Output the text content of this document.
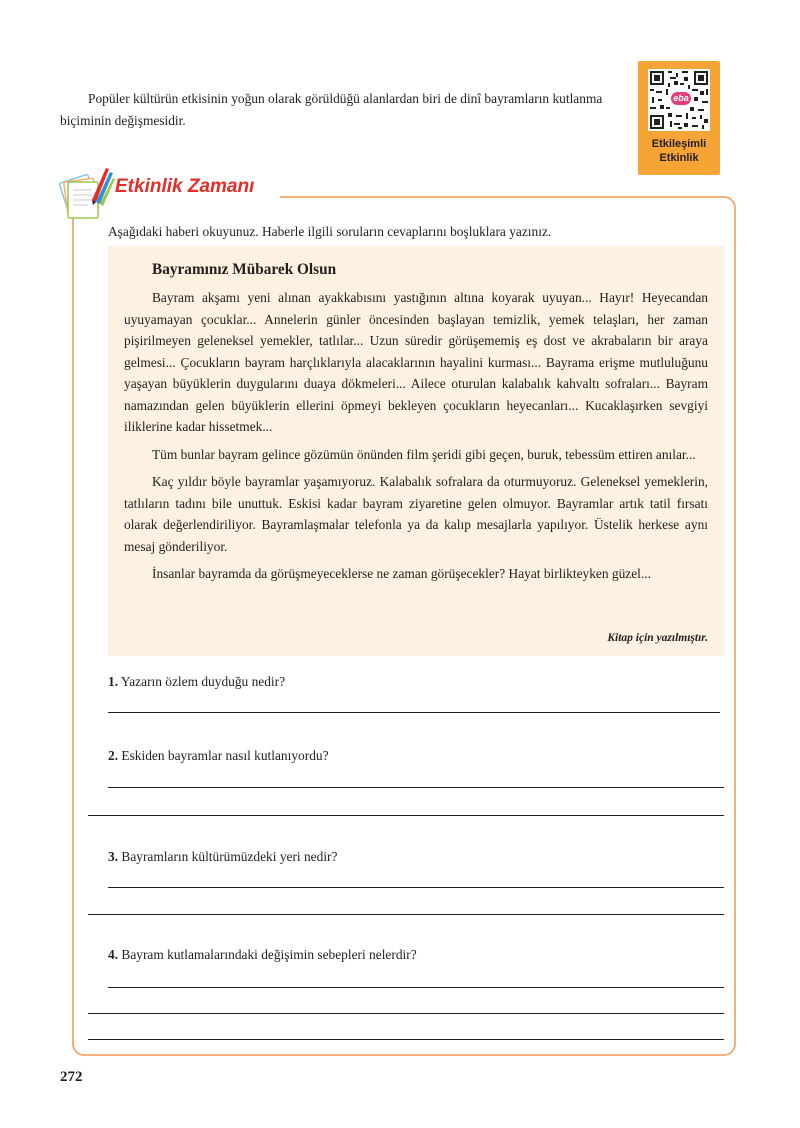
Popüler kültürün etkisinin yoğun olarak görüldüğü alanlardan biri de dinî bayramların kutlanma biçiminin değişmesidir.

eba
Etkileşimli
Etkinlik
Etkinlik Zamanı

Aşağıdaki haberi okuyunuz. Haberle ilgili soruların cevaplarını boşluklara yazınız.

Bayramınız Mübarek Olsun

Bayram akşamı yeni alınan ayakkabısını yastığının altına koyarak uyuyan... Hayır! Heyecandan uyuyamayan çocuklar... Annelerin günler öncesinden başlayan temizlik, yemek telaşları, her zaman pişirilmeyen geleneksel yemekler, tatlılar... Uzun süredir görüşememiş eş dost ve akrabaların bir araya gelmesi... Çocukların bayram harçlıklarıyla alacaklarının hayalini kurması... Bayrama erişme mutluluğunu yaşayan büyüklerin duygularını duaya dökmeleri... Ailece oturulan kalabalık kahvaltı sofraları... Bayram namazından gelen büyüklerin ellerini öpmeyi bekleyen çocukların heyecanları... Kucaklaşırken sevgiyi iliklerine kadar hissetmek...

Tüm bunlar bayram gelince gözümün önünden film şeridi gibi geçen, buruk, tebessüm ettiren anılar...

Kaç yıldır böyle bayramlar yaşamıyoruz. Kalabalık sofralara da oturmuyoruz. Geleneksel yemeklerin, tatlıların tadını bile unuttuk. Eskisi kadar bayram ziyaretine gelen olmuyor. Bayramlar artık tatil fırsatı olarak değerlendiriliyor. Bayramlaşmalar telefonla ya da kalıp mesajlarla yapılıyor. Üstelik herkese aynı mesaj gönderiliyor.

İnsanlar bayramda da görüşmeyeceklerse ne zaman görüşecekler? Hayat birlikteyken güzel...

Kitap için yazılmıştır.

1. Yazarın özlem duyduğu nedir?

2. Eskiden bayramlar nasıl kutlanıyordu?

3. Bayramların kültürümüzdeki yeri nedir?

4. Bayram kutlamalarındaki değişimin sebepleri nelerdir?

272
